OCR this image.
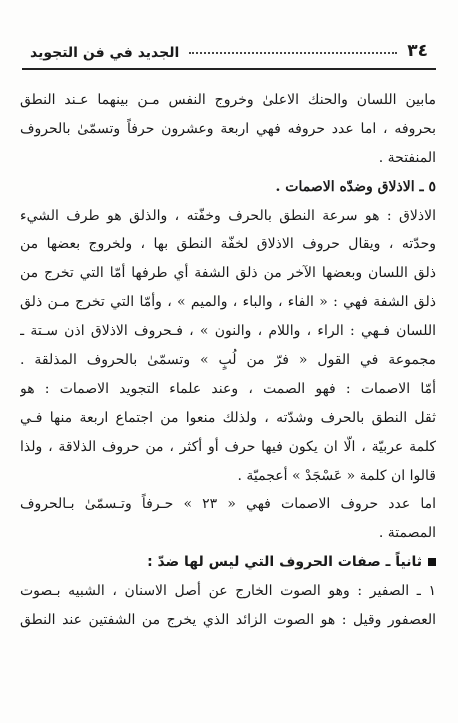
٣٤
الجديد في فن التجويد
مابين اللسان والحنك الاعلىٰ وخروج النفس مـن بينهما عـند النطق
بحروفه ، اما عدد حروفه فهي اربعة وعشرون حرفاً وتسمّىٰ بالحروف
المنفتحة .
٥ ـ الاذلاق وضدّه الاصمات .
الاذلاق : هو سرعة النطق بالحرف وخفّته ، والذلق هو طرف الشيء
وحدّته ، ويقال حروف الاذلاق لخفّة النطق بها ، ولخروج بعضها من
ذلق اللسان وبعضها الآخر من ذلق الشفة أي طرفها أمّا التي تخرج من
ذلق الشفة فهي : « الفاء ، والباء ، والميم » ، وأمّا التي تخرج مـن ذلق
اللسان فـهي : الراء ، واللام ، والنون » ، فـحروف الاذلاق اذن سـتة ـ
مجموعة في القول « فرّ من لُبٍ » وتسمّىٰ بالحروف المذلقة .
أمّا الاصمات : فهو الصمت ، وعند علماء التجويد الاصمات : هو
ثقل النطق بالحرف وشدّته ، ولذلك منعوا من اجتماع اربعة منها فـي
كلمة عربيّة ، الّا ان يكون فيها حرف أو أكثر ، من حروف الذلاقة ، ولذا
قالوا ان كلمة « عَسْجَدْ » أعجميّة .
اما عدد حروف الاصمات فهي « ٢٣ » حـرفاً وتـسمّىٰ بـالحروف
المصمتة .
ثانياً ـ صفات الحروف التي ليس لها ضدّ :
١ ـ الصفير : وهو الصوت الخارج عن أصل الاسنان ، الشبيه بـصوت
العصفور وقيل : هو الصوت الزائد الذي يخرج من الشفتين عند النطق
